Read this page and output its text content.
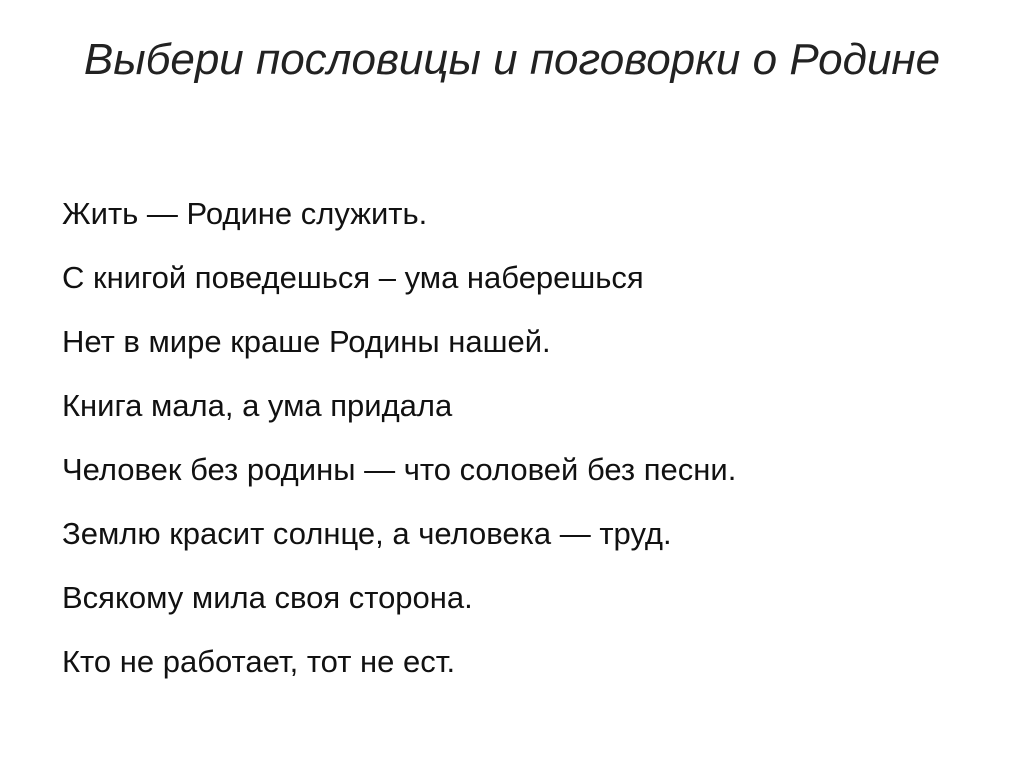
Выбери пословицы и поговорки о Родине
Жить — Родине служить.
С книгой поведешься – ума наберешься
Нет в мире краше Родины нашей.
Книга мала, а ума придала
Человек без родины — что соловей без песни.
Землю красит солнце, а человека — труд.
Всякому мила своя сторона.
Кто не работает, тот не ест.
